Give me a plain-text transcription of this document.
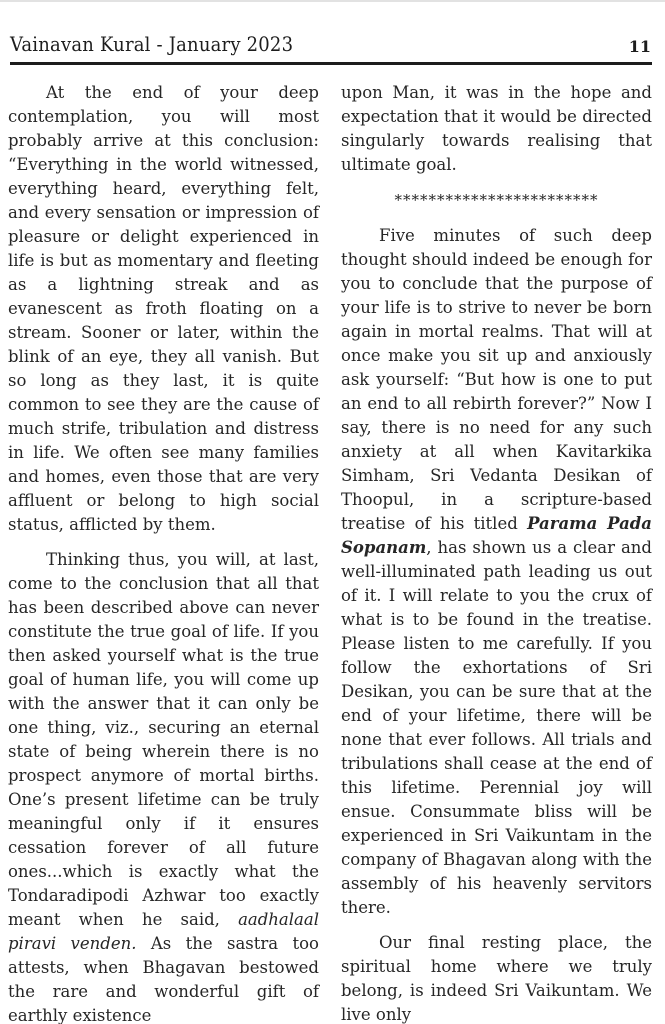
Vainavan Kural - January 2023	11

At the end of your deep contemplation, you will most probably arrive at this conclusion: “Everything in the world witnessed, everything heard, everything felt, and every sensation or impression of pleasure or delight experienced in life is but as momentary and fleeting as a lightning streak and as evanescent as froth floating on a stream. Sooner or later, within the blink of an eye, they all vanish. But so long as they last, it is quite common to see they are the cause of much strife, tribulation and distress in life. We often see many families and homes, even those that are very affluent or belong to high social status, afflicted by them.

Thinking thus, you will, at last, come to the conclusion that all that has been described above can never constitute the true goal of life. If you then asked yourself what is the true goal of human life, you will come up with the answer that it can only be one thing, viz., securing an eternal state of being wherein there is no prospect anymore of mortal births. One’s present lifetime can be truly meaningful only if it ensures cessation forever of all future ones...which is exactly what the Tondaradipodi Azhwar too exactly meant when he said, aadhalaal piravi venden. As the sastra too attests, when Bhagavan bestowed the rare and wonderful gift of earthly existence

upon Man, it was in the hope and expectation that it would be directed singularly towards realising that ultimate goal.

************************

Five minutes of such deep thought should indeed be enough for you to conclude that the purpose of your life is to strive to never be born again in mortal realms. That will at once make you sit up and anxiously ask yourself: “But how is one to put an end to all rebirth forever?” Now I say, there is no need for any such anxiety at all when Kavitarkika Simham, Sri Vedanta Desikan of Thoopul, in a scripture-based treatise of his titled Parama Pada Sopanam, has shown us a clear and well-illuminated path leading us out of it. I will relate to you the crux of what is to be found in the treatise. Please listen to me carefully. If you follow the exhortations of Sri Desikan, you can be sure that at the end of your lifetime, there will be none that ever follows. All trials and tribulations shall cease at the end of this lifetime. Perennial joy will ensue. Consummate bliss will be experienced in Sri Vaikuntam in the company of Bhagavan along with the assembly of his heavenly servitors there.

Our final resting place, the spiritual home where we truly belong, is indeed Sri Vaikuntam. We live only
